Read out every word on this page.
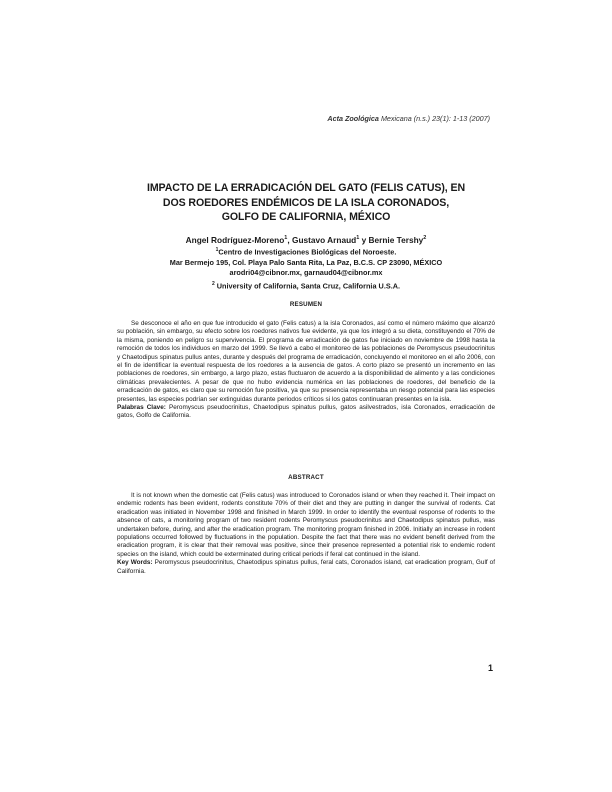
Acta Zoológica Mexicana (n.s.) 23(1): 1-13 (2007)
IMPACTO DE LA ERRADICACIÓN DEL GATO (FELIS CATUS), EN
DOS ROEDORES ENDÉMICOS DE LA ISLA CORONADOS,
GOLFO DE CALIFORNIA, MÉXICO
Angel Rodríguez-Moreno$^1$, Gustavo Arnaud$^1$ y Bernie Tershy$^2$
$^1$Centro de Investigaciones Biológicas del Noroeste.
Mar Bermejo 195, Col. Playa Palo Santa Rita, La Paz, B.C.S. CP 23090, MÉXICO
arodri04@cibnor.mx, garnaud04@cibnor.mx
$^2$ University of California, Santa Cruz, California U.S.A.
RESUMEN

Se desconoce el año en que fue introducido el gato (Felis catus) a la isla Coronados, así como el número máximo que alcanzó su población, sin embargo, su efecto sobre los roedores nativos fue evidente, ya que los integró a su dieta, constituyendo el 70% de la misma, poniendo en peligro su supervivencia. El programa de erradicación de gatos fue iniciado en noviembre de 1998 hasta la remoción de todos los individuos en marzo del 1999. Se llevó a cabo el monitoreo de las poblaciones de Peromyscus pseudocrinitus y Chaetodipus spinatus pullus antes, durante y después del programa de erradicación, concluyendo el monitoreo en el año 2006, con el fin de identificar la eventual respuesta de los roedores a la ausencia de gatos. A corto plazo se presentó un incremento en las poblaciones de roedores, sin embargo, a largo plazo, estas fluctuaron de acuerdo a la disponibilidad de alimento y a las condiciones climáticas prevalecientes. A pesar de que no hubo evidencia numérica en las poblaciones de roedores, del beneficio de la erradicación de gatos, es claro que su remoción fue positiva, ya que su presencia representaba un riesgo potencial para las especies presentes, las especies podrían ser extinguidas durante periodos críticos si los gatos continuaran presentes en la isla.

Palabras Clave: Peromyscus pseudocrinitus, Chaetodipus spinatus pullus, gatos asilvestrados, isla Coronados, erradicación de gatos, Golfo de California.

ABSTRACT

It is not known when the domestic cat (Felis catus) was introduced to Coronados island or when they reached it. Their impact on endemic rodents has been evident, rodents constitute 70% of their diet and they are putting in danger the survival of rodents. Cat eradication was initiated in November 1998 and finished in March 1999. In order to identify the eventual response of rodents to the absence of cats, a monitoring program of two resident rodents Peromyscus pseudocrinitus and Chaetodipus spinatus pullus, was undertaken before, during, and after the eradication program. The monitoring program finished in 2006. Initially an increase in rodent populations occurred followed by fluctuations in the population. Despite the fact that there was no evident benefit derived from the eradication program, it is clear that their removal was positive, since their presence represented a potential risk to endemic rodent species on the island, which could be exterminated during critical periods if feral cat continued in the island.

Key Words: Peromyscus pseudocrinitus, Chaetodipus spinatus pullus, feral cats, Coronados island, cat eradication program, Gulf of California.

1
